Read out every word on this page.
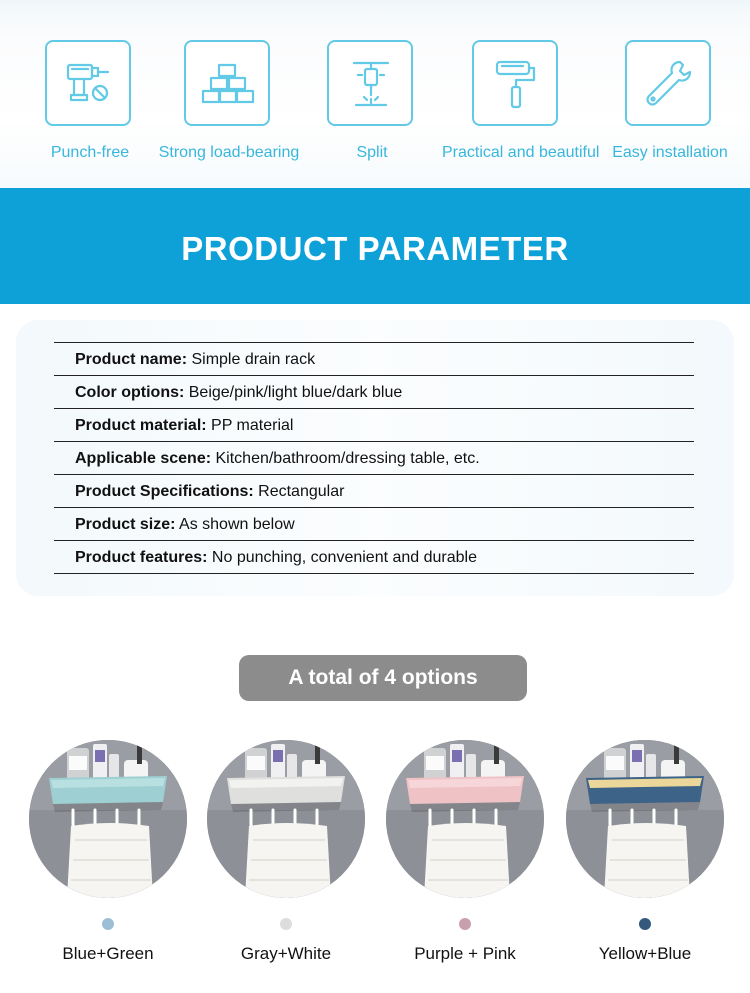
Punch-free	Strong load-bearing	Split	Practical and beautiful Easy installation
PRODUCT PARAMETER
Product name: Simple drain rack
Color options: Beige/pink/light blue/dark blue
Product material: PP material
Applicable scene: Kitchen/bathroom/dressing table, etc.
Product Specifications: Rectangular
Product size: As shown below
Product features: No punching, convenient and durable
A total of 4 options
Blue+Green	Gray+White	Purple + Pink	Yellow+Blue
